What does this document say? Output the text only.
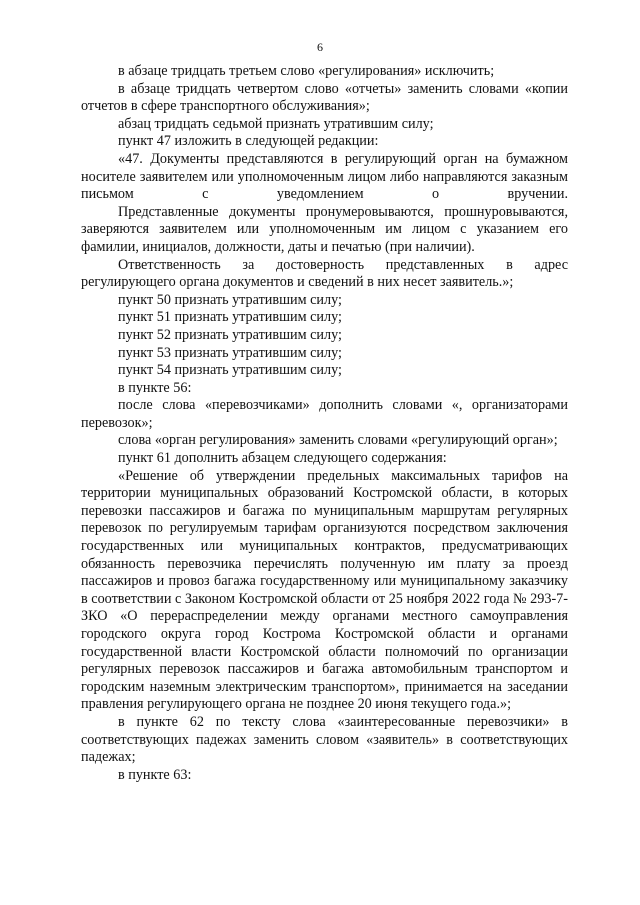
6

в абзаце тридцать третьем слово «регулирования» исключить;

в абзаце тридцать четвертом слово «отчеты» заменить словами «копии отчетов в сфере транспортного обслуживания»;

абзац тридцать седьмой признать утратившим силу;

пункт 47 изложить в следующей редакции:

«47. Документы представляются в регулирующий орган на бумажном носителе заявителем или уполномоченным лицом либо направляются заказным письмом с уведомлением о вручении.

Представленные документы пронумеровываются, прошнуровываются, заверяются заявителем или уполномоченным им лицом с указанием его фамилии, инициалов, должности, даты и печатью (при наличии).

Ответственность за достоверность представленных в адрес регулирующего органа документов и сведений в них несет заявитель.»;

пункт 50 признать утратившим силу;

пункт 51 признать утратившим силу;

пункт 52 признать утратившим силу;

пункт 53 признать утратившим силу;

пункт 54 признать утратившим силу;

в пункте 56:

после слова «перевозчиками» дополнить словами «, организаторами перевозок»;

слова «орган регулирования» заменить словами «регулирующий орган»;

пункт 61 дополнить абзацем следующего содержания:

«Решение об утверждении предельных максимальных тарифов на территории муниципальных образований Костромской области, в которых перевозки пассажиров и багажа по муниципальным маршрутам регулярных перевозок по регулируемым тарифам организуются посредством заключения государственных или муниципальных контрактов, предусматривающих обязанность перевозчика перечислять полученную им плату за проезд пассажиров и провоз багажа государственному или муниципальному заказчику в соответствии с Законом Костромской области от 25 ноября 2022 года № 293-7-ЗКО «О перераспределении между органами местного самоуправления городского округа город Кострома Костромской области и органами государственной власти Костромской области полномочий по организации регулярных перевозок пассажиров и багажа автомобильным транспортом и городским наземным электрическим транспортом», принимается на заседании правления регулирующего органа не позднее 20 июня текущего года.»;

в пункте 62 по тексту слова «заинтересованные перевозчики» в соответствующих падежах заменить словом «заявитель» в соответствующих падежах;

в пункте 63:
